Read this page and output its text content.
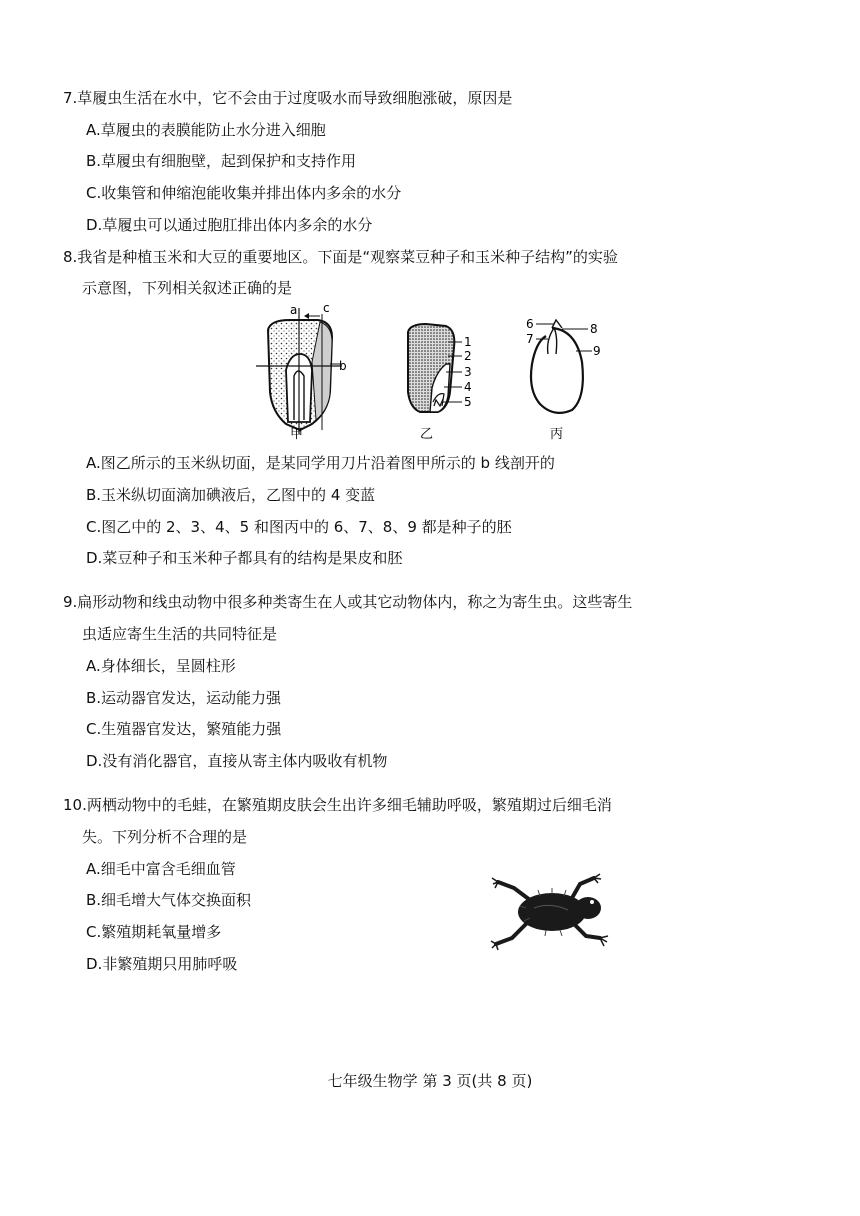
7.草履虫生活在水中，它不会由于过度吸水而导致细胞涨破，原因是
A.草履虫的表膜能防止水分进入细胞
B.草履虫有细胞壁，起到保护和支持作用
C.收集管和伸缩泡能收集并排出体内多余的水分
D.草履虫可以通过胞肛排出体内多余的水分
8.我省是种植玉米和大豆的重要地区。下面是“观察菜豆种子和玉米种子结构”的实验
示意图，下列相关叙述正确的是
a c
b
甲
1
2
3
4
5
乙
6
7
8
9
丙
A.图乙所示的玉米纵切面，是某同学用刀片沿着图甲所示的 b 线剖开的
B.玉米纵切面滴加碘液后，乙图中的 4 变蓝
C.图乙中的 2、3、4、5 和图丙中的 6、7、8、9 都是种子的胚
D.菜豆种子和玉米种子都具有的结构是果皮和胚
9.扁形动物和线虫动物中很多种类寄生在人或其它动物体内，称之为寄生虫。这些寄生
虫适应寄生生活的共同特征是
A.身体细长，呈圆柱形
B.运动器官发达，运动能力强
C.生殖器官发达，繁殖能力强
D.没有消化器官，直接从寄主体内吸收有机物
10.两栖动物中的毛蛙，在繁殖期皮肤会生出许多细毛辅助呼吸，繁殖期过后细毛消
失。下列分析不合理的是
A.细毛中富含毛细血管
B.细毛增大气体交换面积
C.繁殖期耗氧量增多
D.非繁殖期只用肺呼吸
七年级生物学 第 3 页(共 8 页)
